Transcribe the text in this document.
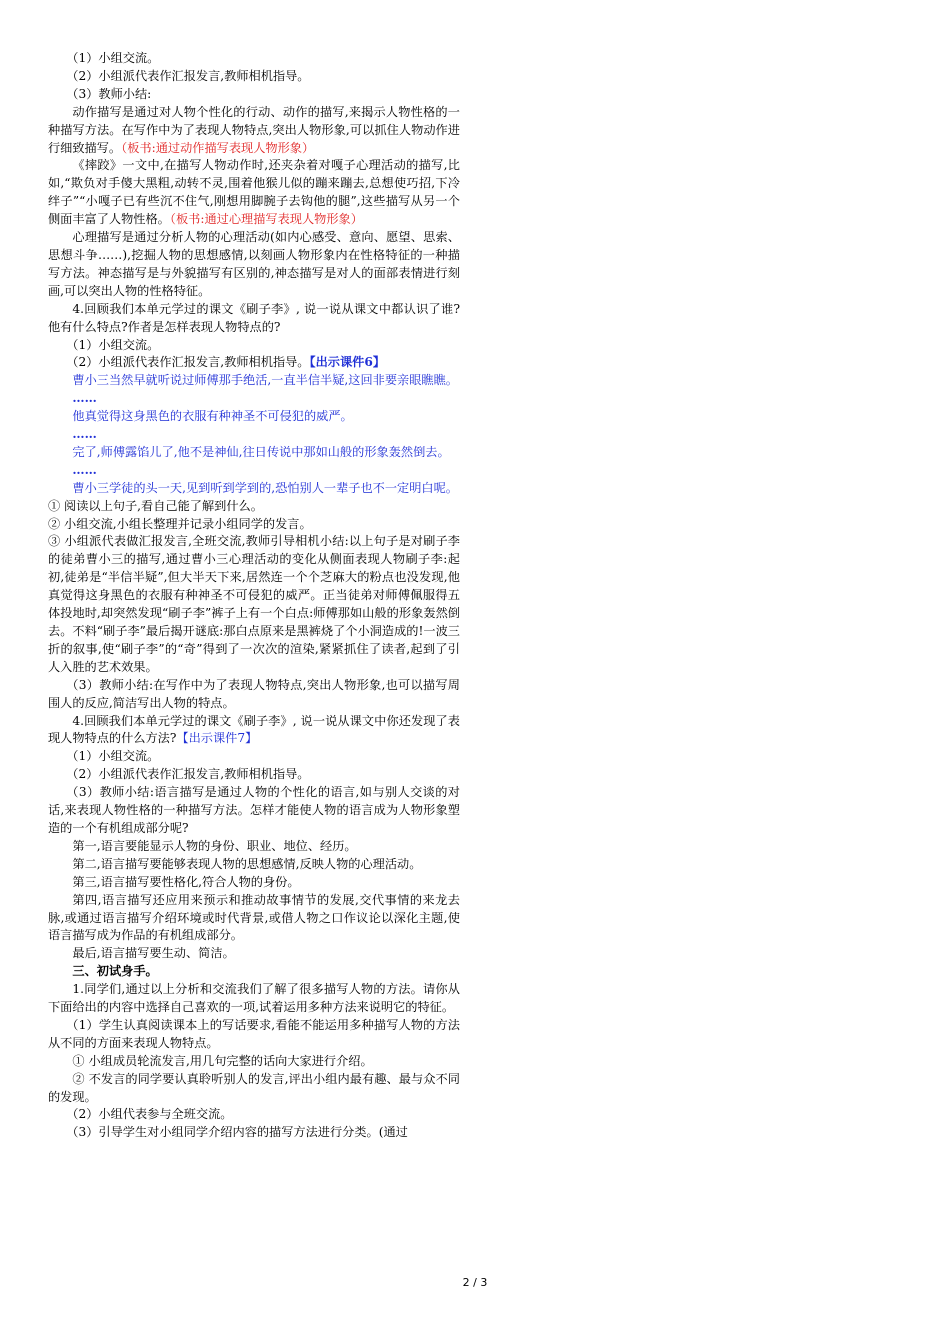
（1）小组交流。

（2）小组派代表作汇报发言,教师相机指导。

（3）教师小结:

动作描写是通过对人物个性化的行动、动作的描写,来揭示人物性格的一种描写方法。在写作中为了表现人物特点,突出人物形象,可以抓住人物动作进行细致描写。（板书:通过动作描写表现人物形象）

《摔跤》一文中,在描写人物动作时,还夹杂着对嘎子心理活动的描写,比如,“欺负对手傻大黑粗,动转不灵,围着他猴儿似的蹦来蹦去,总想使巧招,下冷绊子”“小嘎子已有些沉不住气,刚想用脚腕子去钩他的腿”,这些描写从另一个侧面丰富了人物性格。（板书:通过心理描写表现人物形象）

心理描写是通过分析人物的心理活动(如内心感受、意向、愿望、思索、思想斗争……),挖掘人物的思想感情,以刻画人物形象内在性格特征的一种描写方法。神态描写是与外貌描写有区别的,神态描写是对人的面部表情进行刻画,可以突出人物的性格特征。

4.回顾我们本单元学过的课文《刷子李》, 说一说从课文中都认识了谁?他有什么特点?作者是怎样表现人物特点的?

（1）小组交流。

（2）小组派代表作汇报发言,教师相机指导。【出示课件6】

曹小三当然早就听说过师傅那手绝活,一直半信半疑,这回非要亲眼瞧瞧。

……

他真觉得这身黑色的衣服有种神圣不可侵犯的威严。

……

完了,师傅露馅儿了,他不是神仙,往日传说中那如山般的形象轰然倒去。

……

曹小三学徒的头一天,见到听到学到的,恐怕别人一辈子也不一定明白呢。

① 阅读以上句子,看自己能了解到什么。

② 小组交流,小组长整理并记录小组同学的发言。

③ 小组派代表做汇报发言,全班交流,教师引导相机小结:以上句子是对刷子李的徒弟曹小三的描写,通过曹小三心理活动的变化从侧面表现人物刷子李:起初,徒弟是“半信半疑”,但大半天下来,居然连一个个芝麻大的粉点也没发现,他真觉得这身黑色的衣服有种神圣不可侵犯的威严。正当徒弟对师傅佩服得五体投地时,却突然发现“刷子李”裤子上有一个白点:师傅那如山般的形象轰然倒去。不料“刷子李”最后揭开谜底:那白点原来是黑裤烧了个小洞造成的!一波三折的叙事,使“刷子李”的“奇”得到了一次次的渲染,紧紧抓住了读者,起到了引人入胜的艺术效果。

（3）教师小结:在写作中为了表现人物特点,突出人物形象,也可以描写周围人的反应,简洁写出人物的特点。

4.回顾我们本单元学过的课文《刷子李》, 说一说从课文中你还发现了表现人物特点的什么方法?【出示课件7】

（1）小组交流。

（2）小组派代表作汇报发言,教师相机指导。

（3）教师小结:语言描写是通过人物的个性化的语言,如与别人交谈的对话,来表现人物性格的一种描写方法。怎样才能使人物的语言成为人物形象塑造的一个有机组成部分呢?

第一,语言要能显示人物的身份、职业、地位、经历。

第二,语言描写要能够表现人物的思想感情,反映人物的心理活动。

第三,语言描写要性格化,符合人物的身份。

第四,语言描写还应用来预示和推动故事情节的发展,交代事情的来龙去脉,或通过语言描写介绍环境或时代背景,或借人物之口作议论以深化主题,使语言描写成为作品的有机组成部分。

最后,语言描写要生动、简洁。

三、初试身手。

1.同学们,通过以上分析和交流我们了解了很多描写人物的方法。请你从下面给出的内容中选择自己喜欢的一项,试着运用多种方法来说明它的特征。

（1）学生认真阅读课本上的写话要求,看能不能运用多种描写人物的方法从不同的方面来表现人物特点。

① 小组成员轮流发言,用几句完整的话向大家进行介绍。

② 不发言的同学要认真聆听别人的发言,评出小组内最有趣、最与众不同的发现。

（2）小组代表参与全班交流。

（3）引导学生对小组同学介绍内容的描写方法进行分类。(通过

2 / 3
